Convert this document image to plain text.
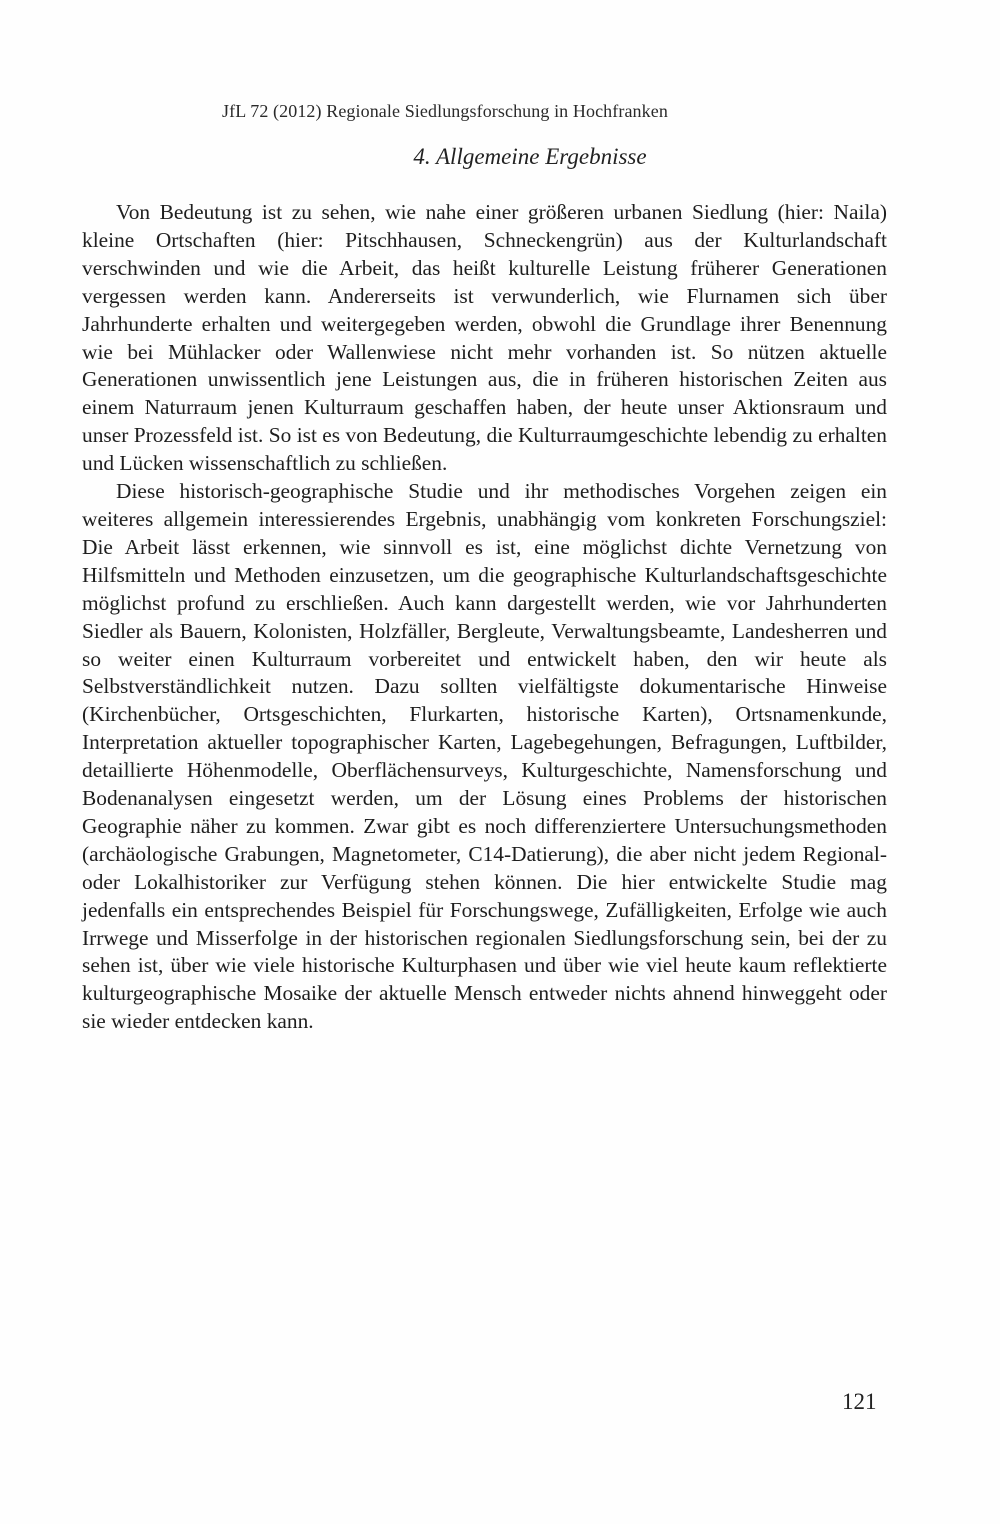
JfL 72 (2012) Regionale Siedlungsforschung in Hochfranken
4. Allgemeine Ergebnisse

Von Bedeutung ist zu sehen, wie nahe einer größeren urbanen Siedlung (hier: Naila) kleine Ortschaften (hier: Pitschhausen, Schneckengrün) aus der Kulturlandschaft verschwinden und wie die Arbeit, das heißt kulturelle Leistung früherer Generationen vergessen werden kann. Andererseits ist verwunderlich, wie Flurnamen sich über Jahrhunderte erhalten und weitergegeben werden, obwohl die Grundlage ihrer Benennung wie bei Mühlacker oder Wallenwiese nicht mehr vorhanden ist. So nützen aktuelle Generationen unwissentlich jene Leistungen aus, die in früheren historischen Zeiten aus einem Naturraum jenen Kulturraum geschaffen haben, der heute unser Aktionsraum und unser Prozessfeld ist. So ist es von Bedeutung, die Kulturraumgeschichte lebendig zu erhalten und Lücken wissenschaftlich zu schließen.

Diese historisch-geographische Studie und ihr methodisches Vorgehen zeigen ein weiteres allgemein interessierendes Ergebnis, unabhängig vom konkreten Forschungsziel: Die Arbeit lässt erkennen, wie sinnvoll es ist, eine möglichst dichte Vernetzung von Hilfsmitteln und Methoden einzusetzen, um die geographische Kulturlandschaftsgeschichte möglichst profund zu erschließen. Auch kann dargestellt werden, wie vor Jahrhunderten Siedler als Bauern, Kolonisten, Holzfäller, Bergleute, Verwaltungsbeamte, Landesherren und so weiter einen Kulturraum vorbereitet und entwickelt haben, den wir heute als Selbstverständlichkeit nutzen. Dazu sollten vielfältigste dokumentarische Hinweise (Kirchenbücher, Ortsgeschichten, Flurkarten, historische Karten), Ortsnamenkunde, Interpretation aktueller topographischer Karten, Lagebegehungen, Befragungen, Luftbilder, detaillierte Höhenmodelle, Oberflächensurveys, Kulturgeschichte, Namensforschung und Bodenanalysen eingesetzt werden, um der Lösung eines Problems der historischen Geographie näher zu kommen. Zwar gibt es noch differenziertere Untersuchungsmethoden (archäologische Grabungen, Magnetometer, C14-Datierung), die aber nicht jedem Regional- oder Lokalhistoriker zur Verfügung stehen können. Die hier entwickelte Studie mag jedenfalls ein entsprechendes Beispiel für Forschungswege, Zufälligkeiten, Erfolge wie auch Irrwege und Misserfolge in der historischen regionalen Siedlungsforschung sein, bei der zu sehen ist, über wie viele historische Kulturphasen und über wie viel heute kaum reflektierte kulturgeographische Mosaike der aktuelle Mensch entweder nichts ahnend hinweggeht oder sie wieder entdecken kann.

121
